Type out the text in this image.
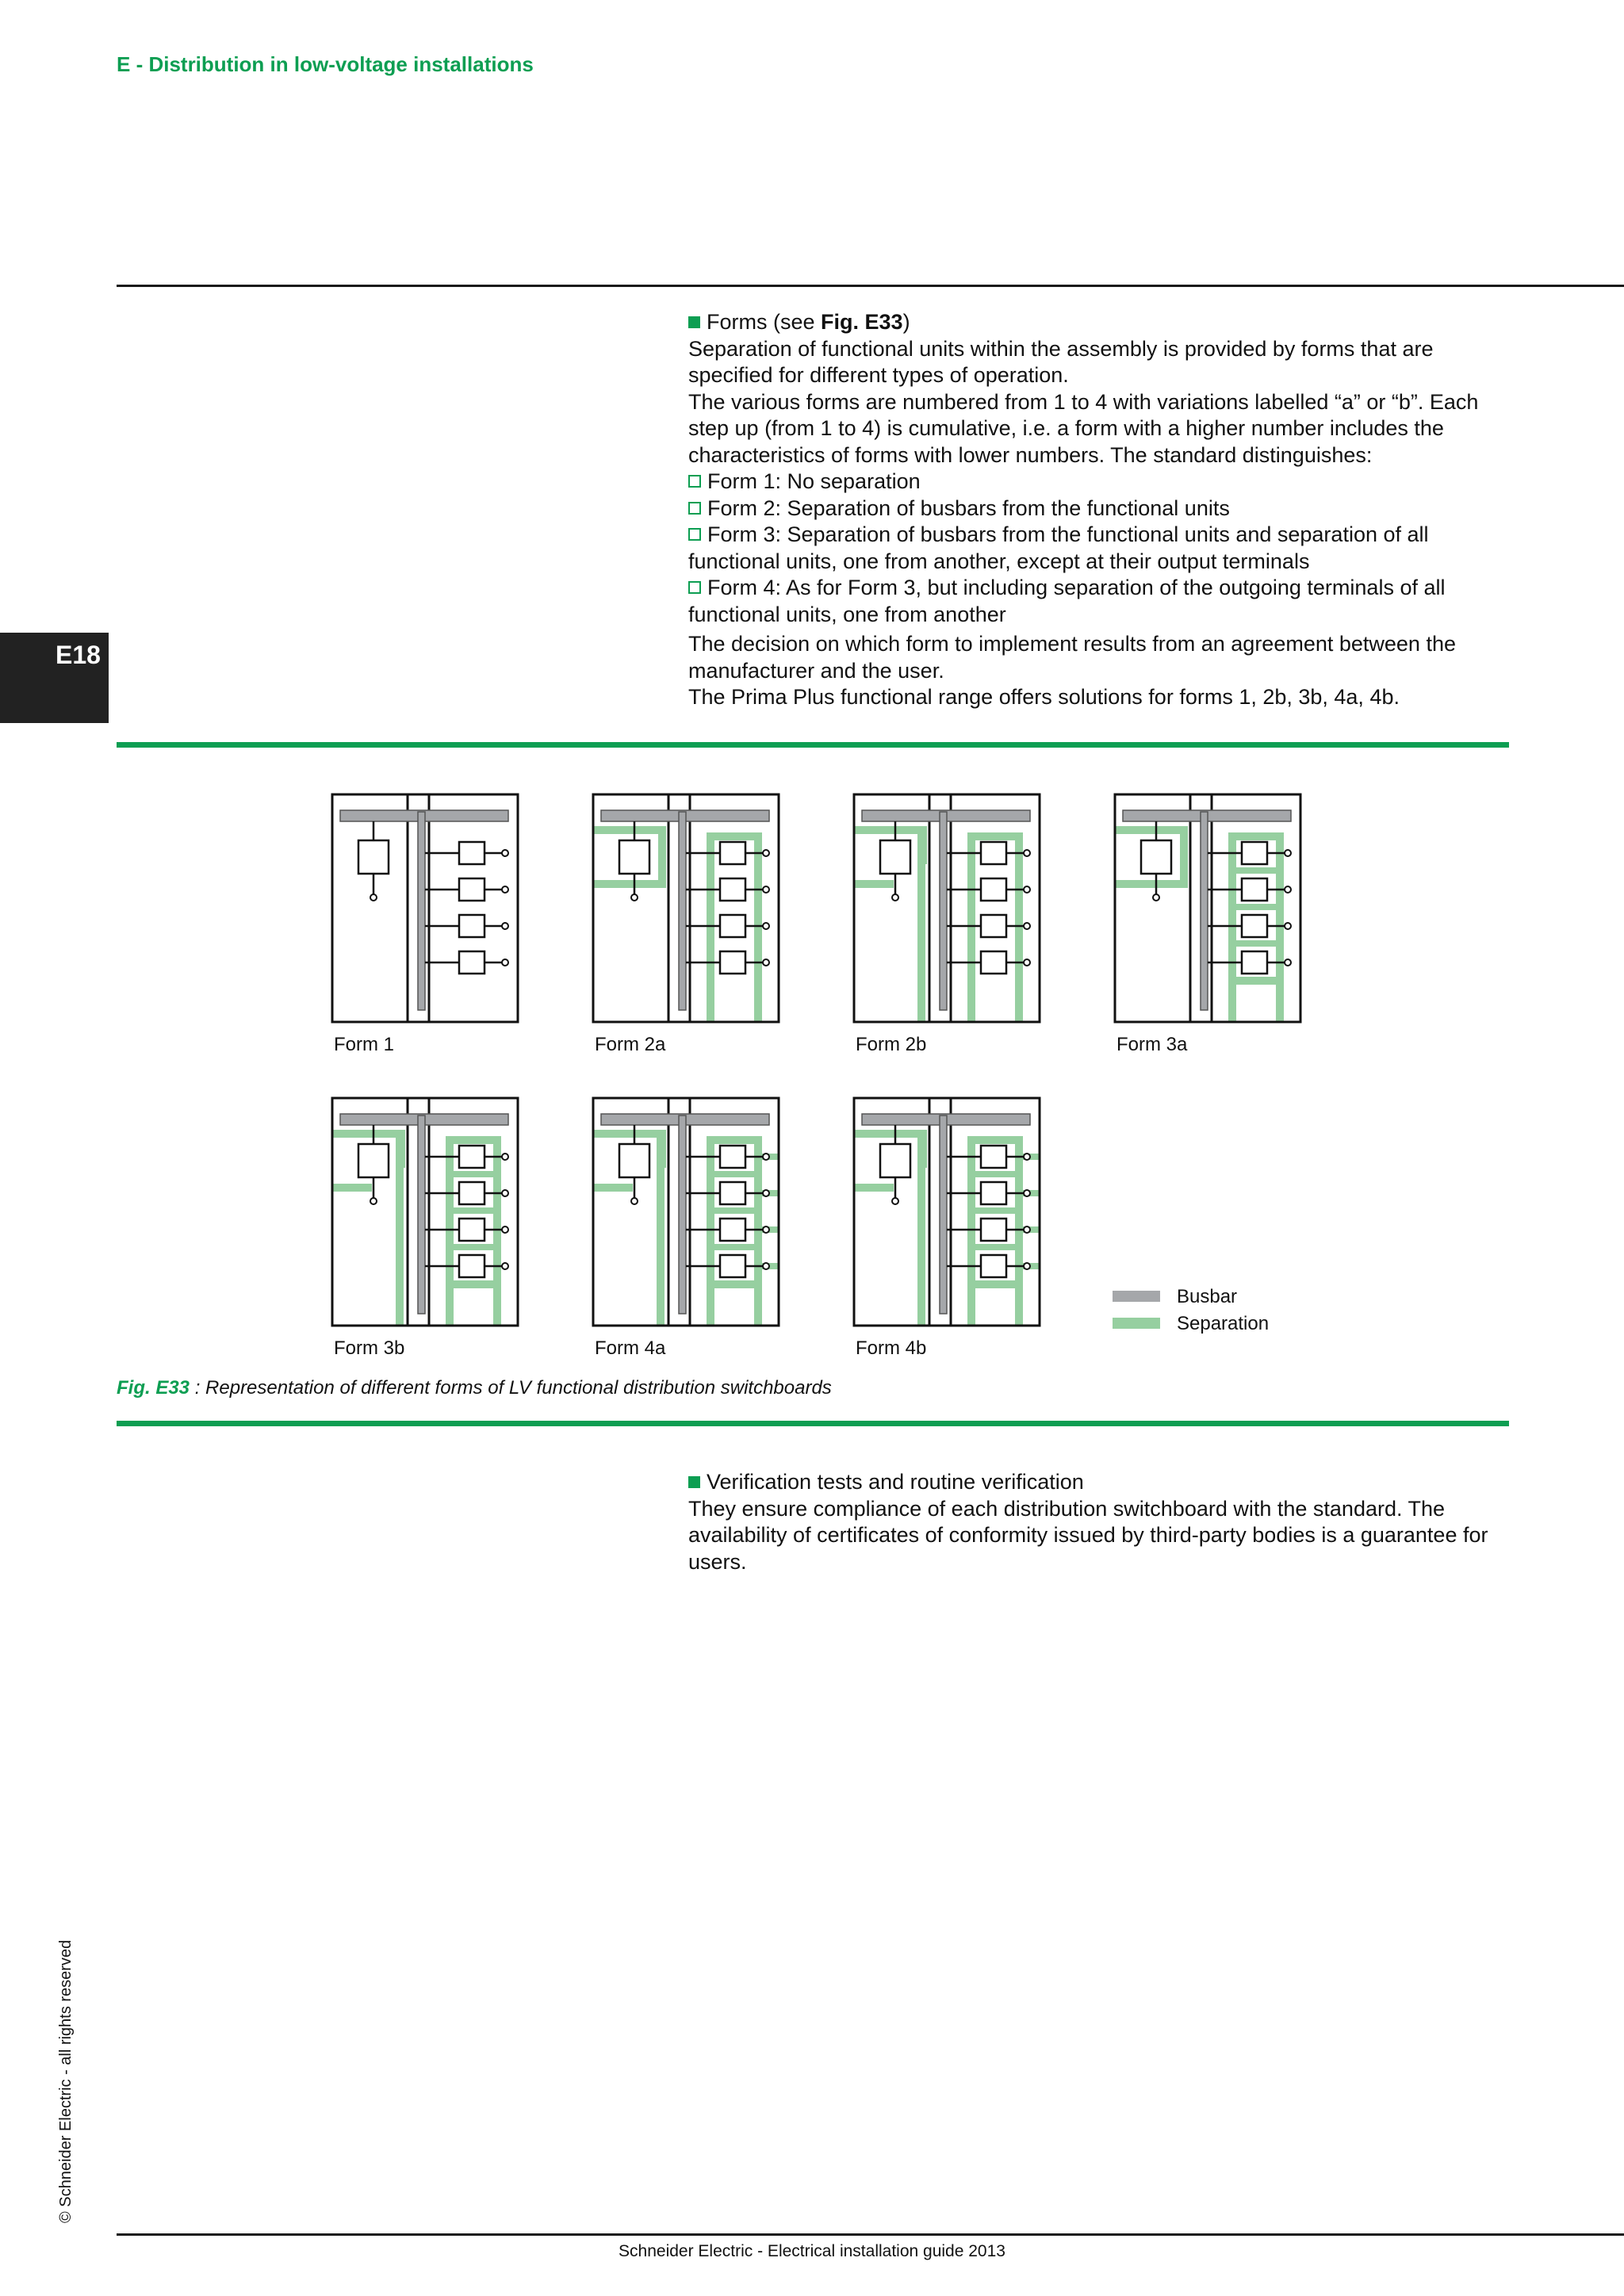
E - Distribution in low-voltage installations
E18

Forms (see Fig. E33)

Separation of functional units within the assembly is provided by forms that are specified for different types of operation.

The various forms are numbered from 1 to 4 with variations labelled “a” or “b”. Each step up (from 1 to 4) is cumulative, i.e. a form with a higher number includes the characteristics of forms with lower numbers. The standard distinguishes:

Form 1: No separation

Form 2: Separation of busbars from the functional units

Form 3: Separation of busbars from the functional units and separation of all functional units, one from another, except at their output terminals

Form 4: As for Form 3, but including separation of the outgoing terminals of all functional units, one from another

The decision on which form to implement results from an agreement between the manufacturer and the user.

The Prima Plus functional range offers solutions for forms 1, 2b, 3b, 4a, 4b.

Form 1	Form 2a	Form 2b	Form 3a
Form 3b	Form 4a	Form 4b
Busbar
Separation
Fig. E33 : Representation of different forms of LV functional distribution switchboards

Verification tests and routine verification

They ensure compliance of each distribution switchboard with the standard. The availability of certificates of conformity issued by third-party bodies is a guarantee for users.

© Schneider Electric - all rights reserved
Schneider Electric - Electrical installation guide 2013
